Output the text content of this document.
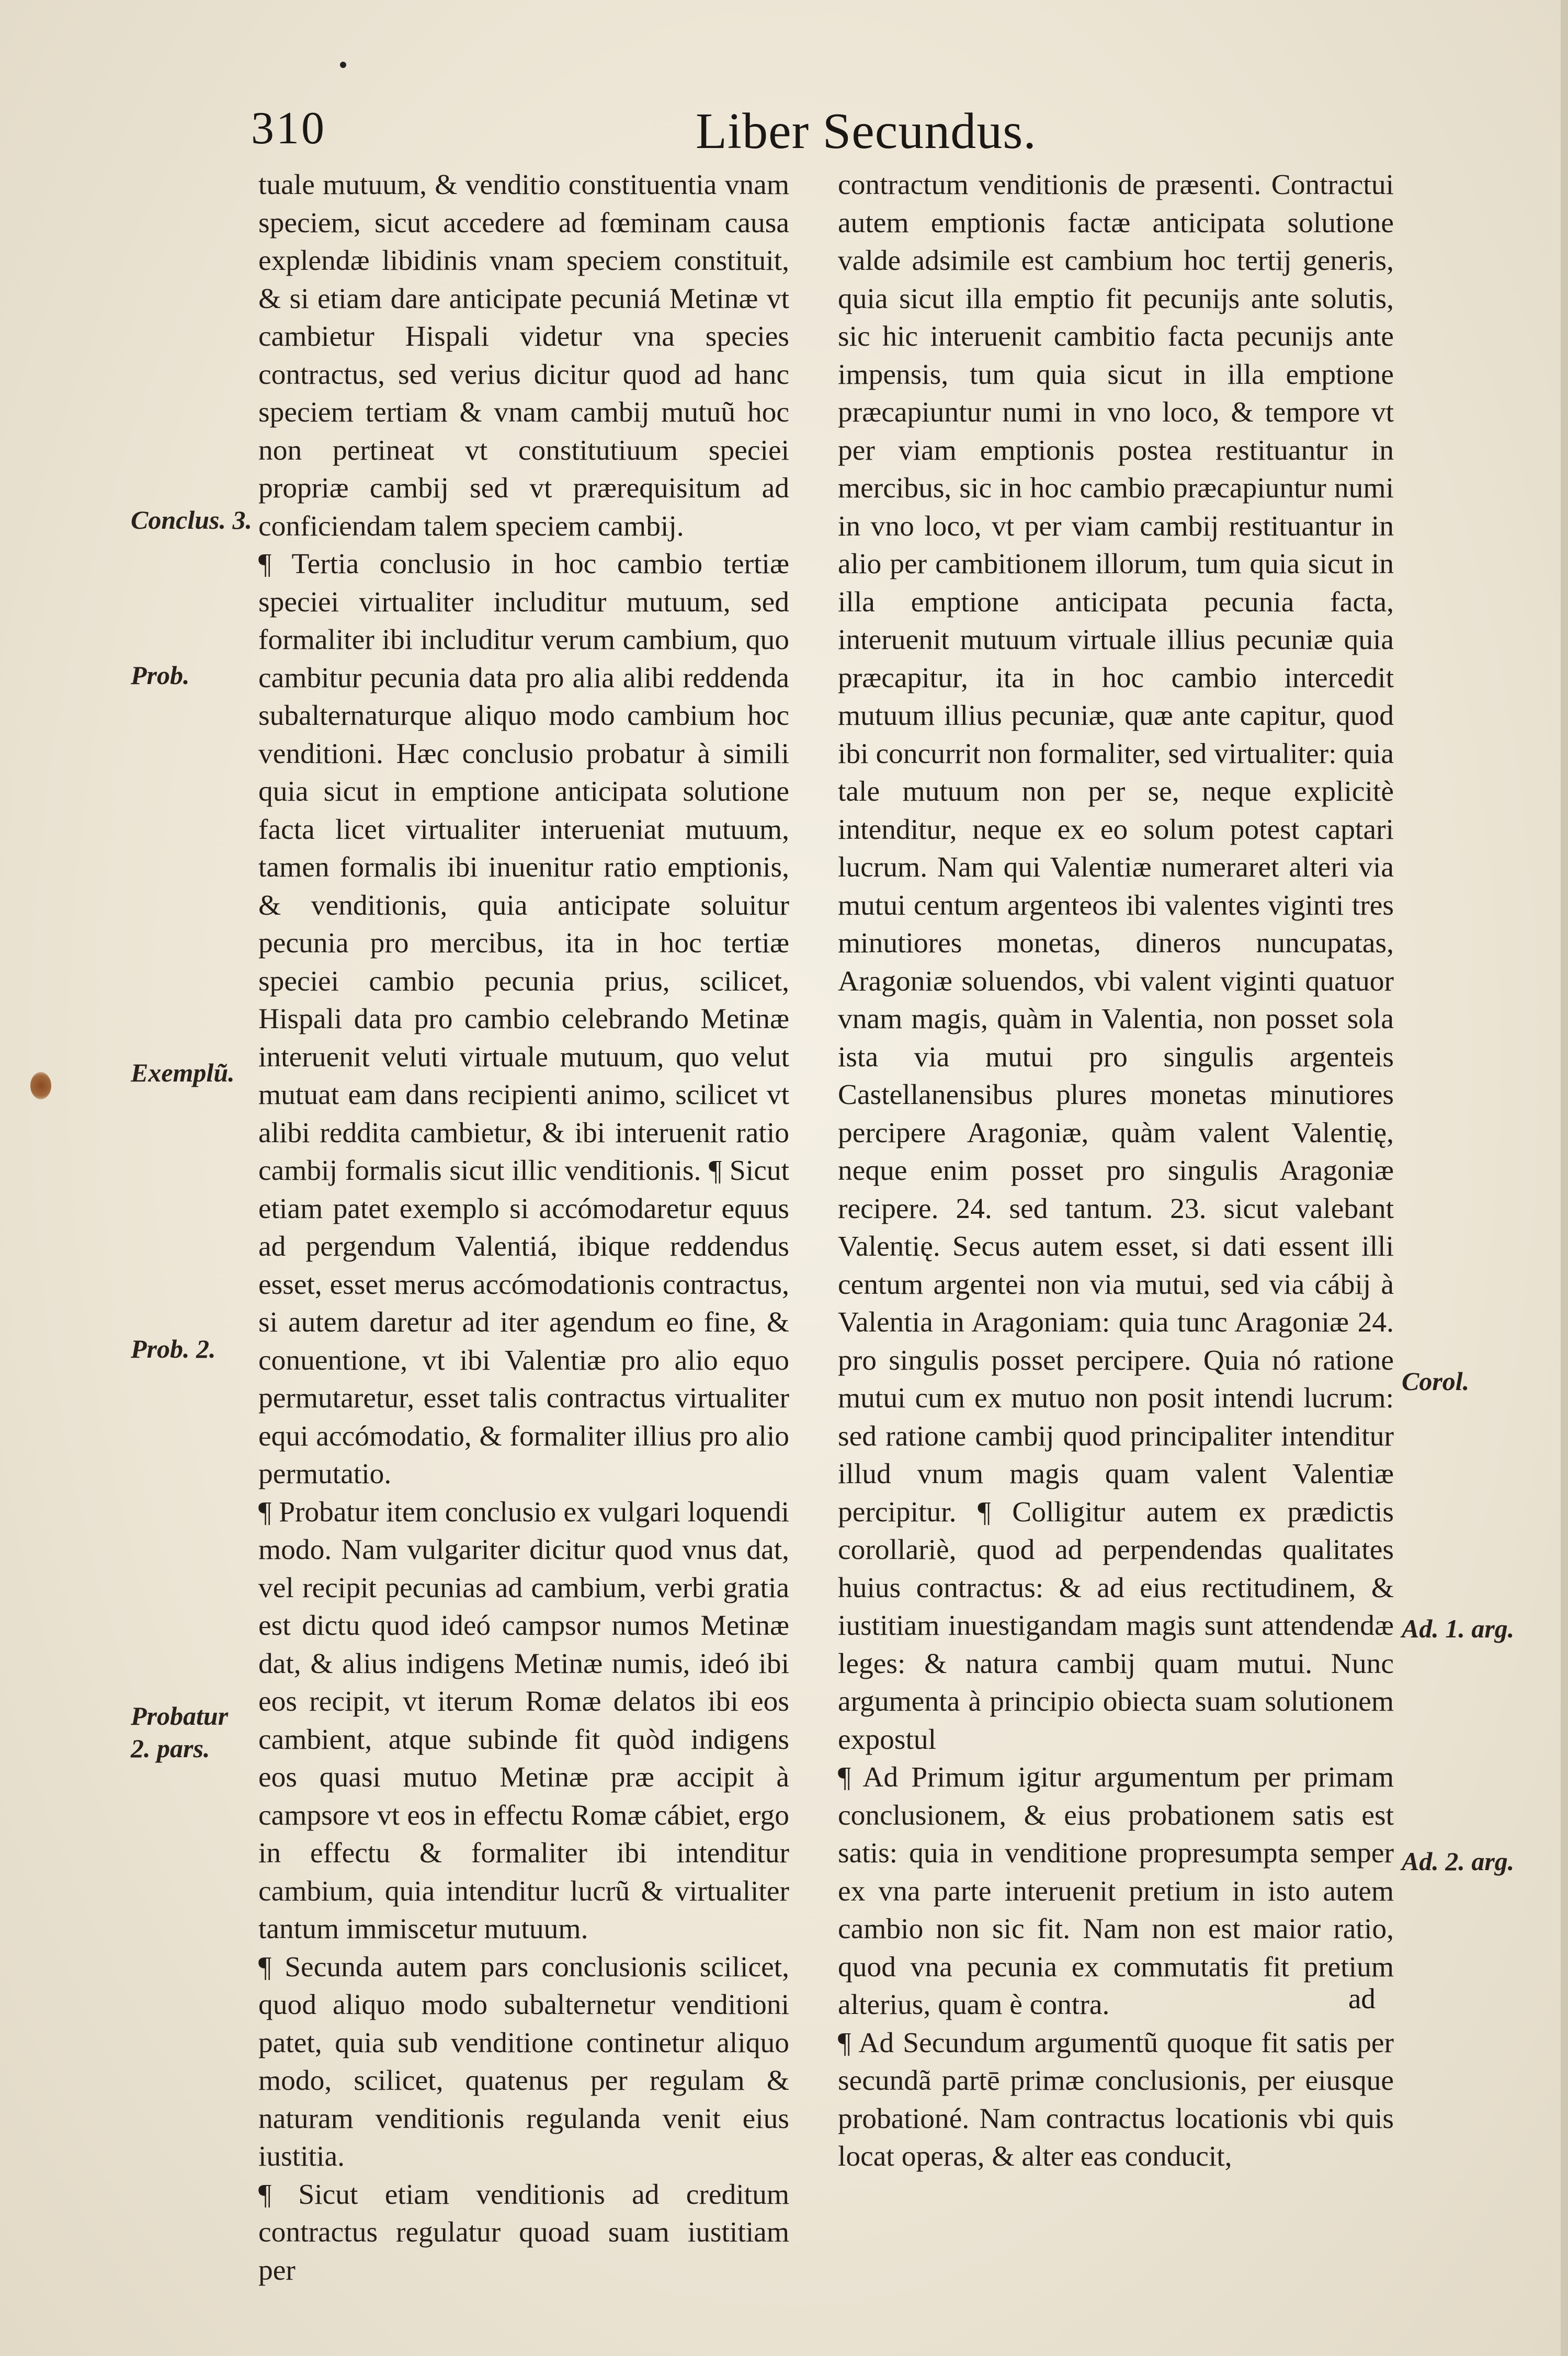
310	Liber Secundus.

tuale mutuum, & venditio constituentia vnam speciem, sicut accedere ad fœminam causa explendæ libidinis vnam speciem constituit, & si etiam dare anticipate pecuniá Metinæ vt cambietur Hispali videtur vna species contractus, sed verius dicitur quod ad hanc speciem tertiam & vnam cambij mutuũ hoc non pertineat vt constitutiuum speciei propriæ cambij sed vt prærequisitum ad conficiendam talem speciem cambij.

¶ Tertia conclusio in hoc cambio tertiæ speciei virtualiter includitur mutuum, sed formaliter ibi includitur verum cambium, quo cambitur pecunia data pro alia alibi reddenda subalternaturque aliquo modo cambium hoc venditioni. Hæc conclusio probatur à simili quia sicut in emptione anticipata solutione facta licet virtualiter interueniat mutuum, tamen formalis ibi inuenitur ratio emptionis, & venditionis, quia anticipate soluitur pecunia pro mercibus, ita in hoc tertiæ speciei cambio pecunia prius, scilicet, Hispali data pro cambio celebrando Metinæ interuenit veluti virtuale mutuum, quo velut mutuat eam dans recipienti animo, scilicet vt alibi reddita cambietur, & ibi interuenit ratio cambij formalis sicut illic venditionis. ¶ Sicut etiam patet exemplo si accómodaretur equus ad pergendum Valentiá, ibique reddendus esset, esset merus accómodationis contractus, si autem daretur ad iter agendum eo fine, & conuentione, vt ibi Valentiæ pro alio equo permutaretur, esset talis contractus virtualiter equi accómodatio, & formaliter illius pro alio permutatio.

¶ Probatur item conclusio ex vulgari loquendi modo. Nam vulgariter dicitur quod vnus dat, vel recipit pecunias ad cambium, verbi gratia est dictu quod ideó campsor numos Metinæ dat, & alius indigens Metinæ numis, ideó ibi eos recipit, vt iterum Romæ delatos ibi eos cambient, atque subinde fit quòd indigens eos quasi mutuo Metinæ præ accipit à campsore vt eos in effectu Romæ cábiet, ergo in effectu & formaliter ibi intenditur cambium, quia intenditur lucrũ & virtualiter tantum immiscetur mutuum.

¶ Secunda autem pars conclusionis scilicet, quod aliquo modo subalternetur venditioni patet, quia sub venditione continetur aliquo modo, scilicet, quatenus per regulam & naturam venditionis regulanda venit eius iustitia.

¶ Sicut etiam venditionis ad creditum contractus regulatur quoad suam iustitiam per

contractum venditionis de præsenti. Contractui autem emptionis factæ anticipata solutione valde adsimile est cambium hoc tertij generis, quia sicut illa emptio fit pecunijs ante solutis, sic hic interuenit cambitio facta pecunijs ante impensis, tum quia sicut in illa emptione præcapiuntur numi in vno loco, & tempore vt per viam emptionis postea restituantur in mercibus, sic in hoc cambio præcapiuntur numi in vno loco, vt per viam cambij restituantur in alio per cambitionem illorum, tum quia sicut in illa emptione anticipata pecunia facta, interuenit mutuum virtuale illius pecuniæ quia præcapitur, ita in hoc cambio intercedit mutuum illius pecuniæ, quæ ante capitur, quod ibi concurrit non formaliter, sed virtualiter: quia tale mutuum non per se, neque explicitè intenditur, neque ex eo solum potest captari lucrum. Nam qui Valentiæ numeraret alteri via mutui centum argenteos ibi valentes viginti tres minutiores monetas, dineros nuncupatas, Aragoniæ soluendos, vbi valent viginti quatuor vnam magis, quàm in Valentia, non posset sola ista via mutui pro singulis argenteis Castellanensibus plures monetas minutiores percipere Aragoniæ, quàm valent Valentię, neque enim posset pro singulis Aragoniæ recipere. 24. sed tantum. 23. sicut valebant Valentię. Secus autem esset, si dati essent illi centum argentei non via mutui, sed via cábij à Valentia in Aragoniam: quia tunc Aragoniæ 24. pro singulis posset percipere. Quia nó ratione mutui cum ex mutuo non posit intendi lucrum: sed ratione cambij quod principaliter intenditur illud vnum magis quam valent Valentiæ percipitur. ¶ Colligitur autem ex prædictis corollariè, quod ad perpendendas qualitates huius contractus: & ad eius rectitudinem, & iustitiam inuestigandam magis sunt attendendæ leges: & natura cambij quam mutui. Nunc argumenta à principio obiecta suam solutionem expostul

¶ Ad Primum igitur argumentum per primam conclusionem, & eius probationem satis est satis: quia in venditione propresumpta semper ex vna parte interuenit pretium in isto autem cambio non sic fit. Nam non est maior ratio, quod vna pecunia ex commutatis fit pretium alterius, quam è contra.

¶ Ad Secundum argumentũ quoque fit satis per secundã partē primæ conclusionis, per eiusque probationé. Nam contractus locationis vbi quis locat operas, & alter eas conducit,

Conclus. 3.
Prob.
Exemplũ.
Prob. 2.
Probatur
2. pars.
Corol.
Ad. 1. arg.
Ad. 2. arg.
ad
